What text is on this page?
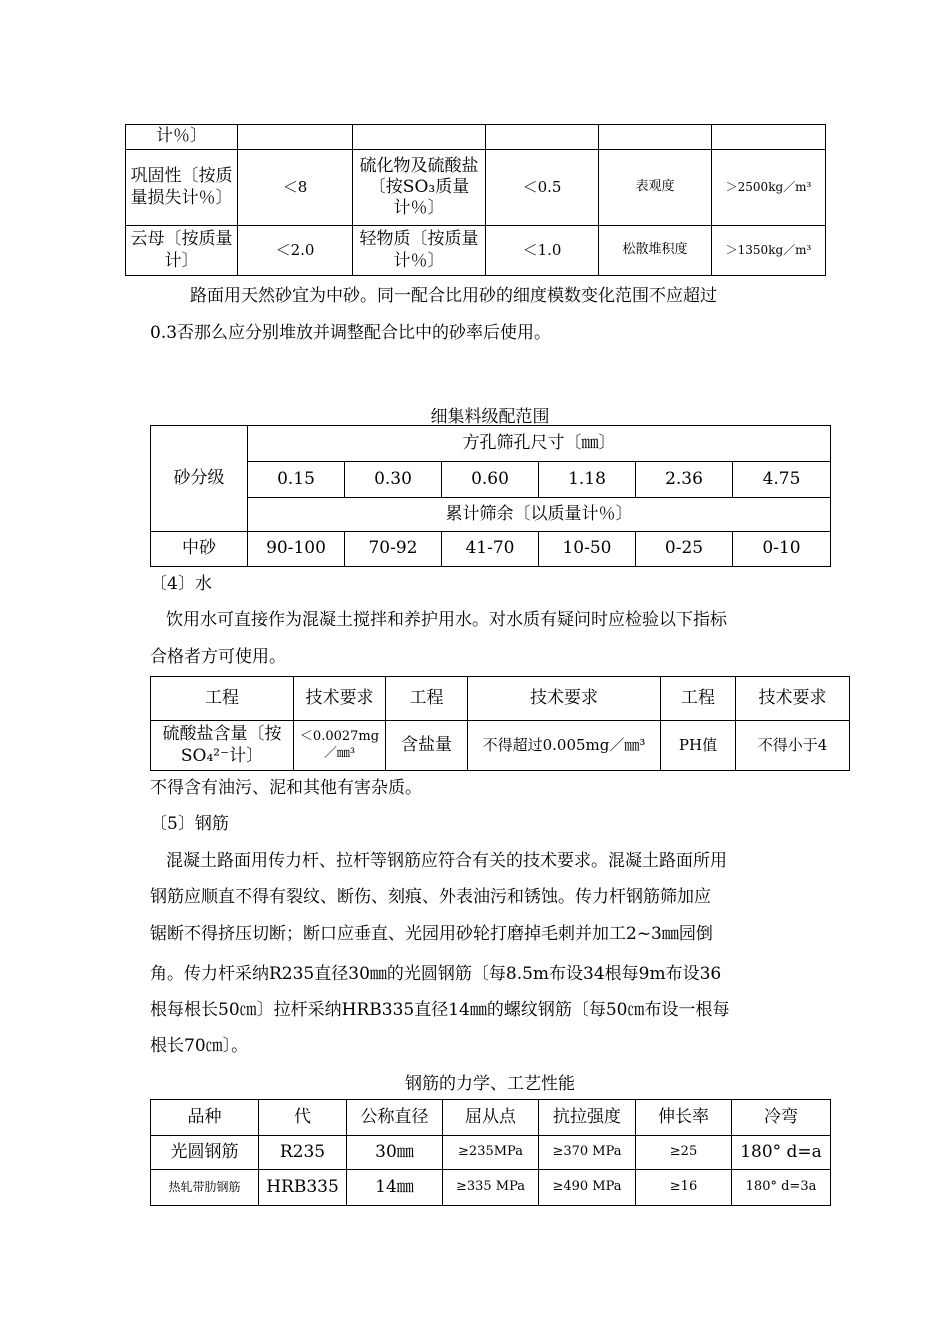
计％〕					
巩固性〔按质量损失计％〕	＜8	硫化物及硫酸盐〔按SO₃质量计％〕	＜0.5	表观度	＞2500kg／m³
云母〔按质量计〕	＜2.0	轻物质〔按质量计％〕	＜1.0	松散堆积度	＞1350kg／m³
路面用天然砂宜为中砂。同一配合比用砂的细度模数变化范围不应超过
0.3否那么应分别堆放并调整配合比中的砂率后使用。
细集料级配范围
砂分级	方孔筛孔尺寸〔㎜〕					
	0.15	0.30	0.60	1.18	2.36	4.75
	累计筛余〔以质量计％〕					
中砂	90-100	70-92	41-70	10-50	0-25	0-10
〔4〕水
饮用水可直接作为混凝土搅拌和养护用水。对水质有疑问时应检验以下指标
合格者方可使用。
工程	技术要求	工程	技术要求	工程	技术要求
硫酸盐含量〔按SO₄²⁻计〕	＜0.0027mg／㎜³	含盐量	不得超过0.005mg／㎜³	PH值	不得小于4
不得含有油污、泥和其他有害杂质。
〔5〕钢筋
混凝土路面用传力杆、拉杆等钢筋应符合有关的技术要求。混凝土路面所用
钢筋应顺直不得有裂纹、断伤、刻痕、外表油污和锈蚀。传力杆钢筋筛加应
锯断不得挤压切断；断口应垂直、光园用砂轮打磨掉毛刺并加工2~3㎜园倒
角。传力杆采纳R235直径30㎜的光圆钢筋〔每8.5m布设34根每9m布设36
根每根长50㎝〕拉杆采纳HRB335直径14㎜的螺纹钢筋〔每50㎝布设一根每
根长70㎝〕。
钢筋的力学、工艺性能
品种	代	公称直径	屈从点	抗拉强度	伸长率	冷弯
光圆钢筋	R235	30㎜	≥235MPa	≥370 MPa	≥25	180° d=a
热轧带肋钢筋	HRB335	14㎜	≥335 MPa	≥490 MPa	≥16	180° d=3a
